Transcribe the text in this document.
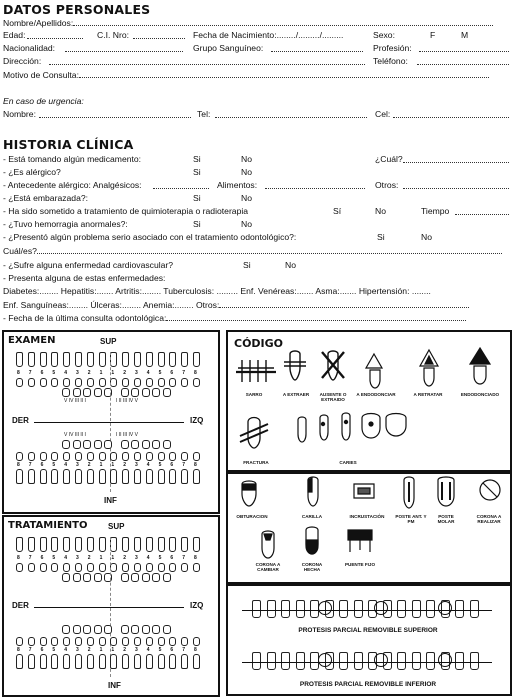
DATOS PERSONALES
Nombre/Apellidos:
Edad:	C.I. Nro:	Fecha de Nacimiento:......../........./.........	Sexo:	F	M
Nacionalidad:	Grupo Sanguíneo:	Profesión:
Dirección:	Teléfono:
Motivo de Consulta:
En caso de urgencia:
Nombre:	Tel:	Cel:
HISTORIA CLÍNICA
- Está tomando algún medicamento:	Si	No	¿Cuál?
- ¿Es alérgico?	Si	No
- Antecedente alérgico: Analgésicos:	Alimentos:	Otros:
- ¿Está embarazada?:	Si	No
- Ha sido sometido a tratamiento de quimioterapia o radioterapia	Sí	No	Tiempo
- ¿Tuvo hemorragia anormales?:	Si	No
- ¿Presentó algún problema serio asociado con el tratamiento odontológico?:	Si	No
Cuál/es?
- ¿Sufre alguna enfermedad cardiovascular?	Si	No
- Presenta alguna de estas enfermedades:
Diabetes:........ Hepatitis:....... Artritis:........ Tuberculosis: ......... Enf. Venéreas:....... Asma:....... Hipertensión: ........
Enf. Sanguíneas:........ Úlceras:........ Anemia:........ Otros:
- Fecha de la última consulta odontológica:
EXAMEN	SUP
DER	IZQ
INF
V IV III II I	I II III IV V
V IV III II I	I II III IV V
8 7 6 5 4 3 2 1 1 2 3 4 5 6 7 8
8 7 6 5 4 3 2 1 1 2 3 4 5 6 7 8
TRATAMIENTO	SUP
DER	IZQ
INF
8 7 6 5 4 3 2 1 1 2 3 4 5 6 7 8
8 7 6 5 4 3 2 1 1 2 3 4 5 6 7 8
CÓDIGO
SARRO	A EXTRAER	AUSENTE O EXTRAIDO
A ENDODONCIAR	A RETRATAR	ENDODONCIADO
FRACTURA	CARIES
OBTURACION	CARILLA	INCRUSTACIÓN	POSTE ANT. Y PM
POSTE MOLAR
CORONA A REALIZAR
CORONA A CAMBIAR
CORONA HECHA
PUENTE FIJO
PROTESIS PARCIAL REMOVIBLE SUPERIOR
PROTESIS PARCIAL REMOVIBLE INFERIOR
